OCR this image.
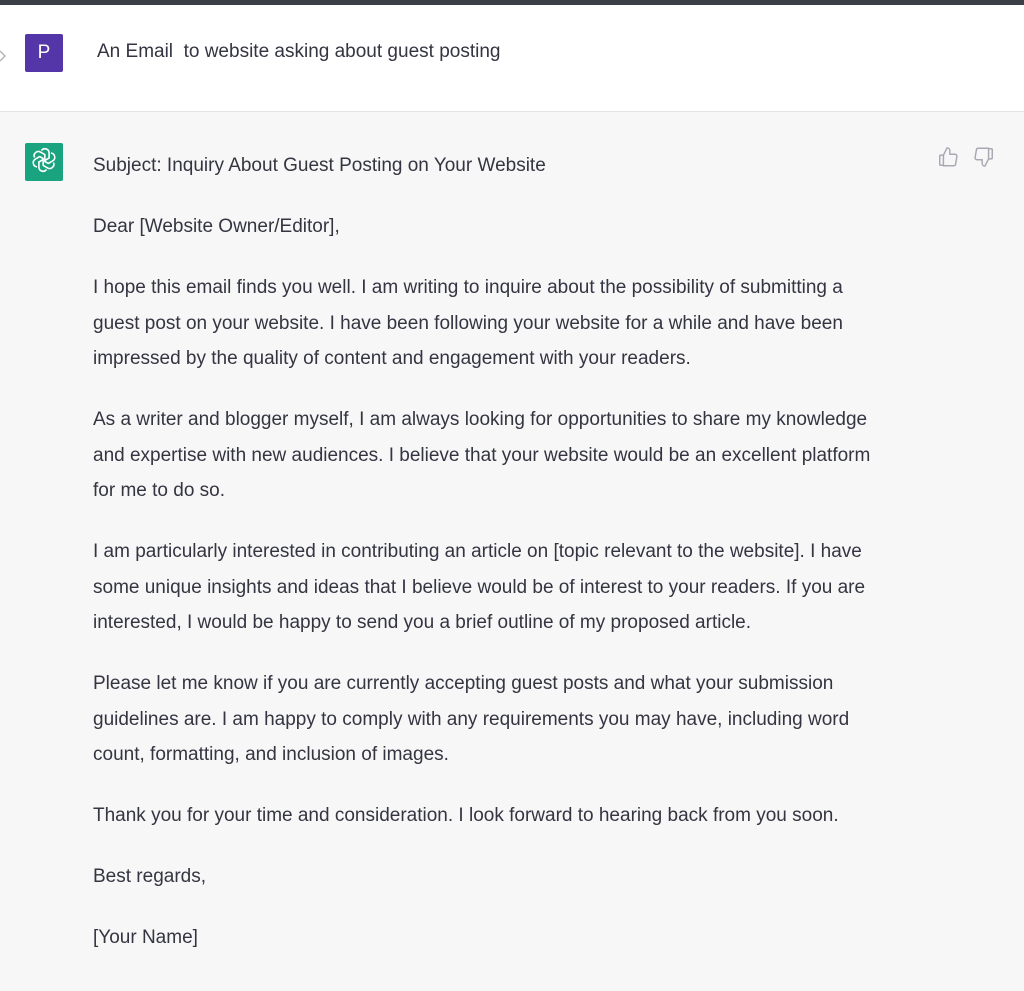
P An Email  to website asking about guest posting

Subject: Inquiry About Guest Posting on Your Website

Dear [Website Owner/Editor],

I hope this email finds you well. I am writing to inquire about the possibility of submitting a
guest post on your website. I have been following your website for a while and have been
impressed by the quality of content and engagement with your readers.

As a writer and blogger myself, I am always looking for opportunities to share my knowledge
and expertise with new audiences. I believe that your website would be an excellent platform
for me to do so.

I am particularly interested in contributing an article on [topic relevant to the website]. I have
some unique insights and ideas that I believe would be of interest to your readers. If you are
interested, I would be happy to send you a brief outline of my proposed article.

Please let me know if you are currently accepting guest posts and what your submission
guidelines are. I am happy to comply with any requirements you may have, including word
count, formatting, and inclusion of images.

Thank you for your time and consideration. I look forward to hearing back from you soon.

Best regards,

[Your Name]
